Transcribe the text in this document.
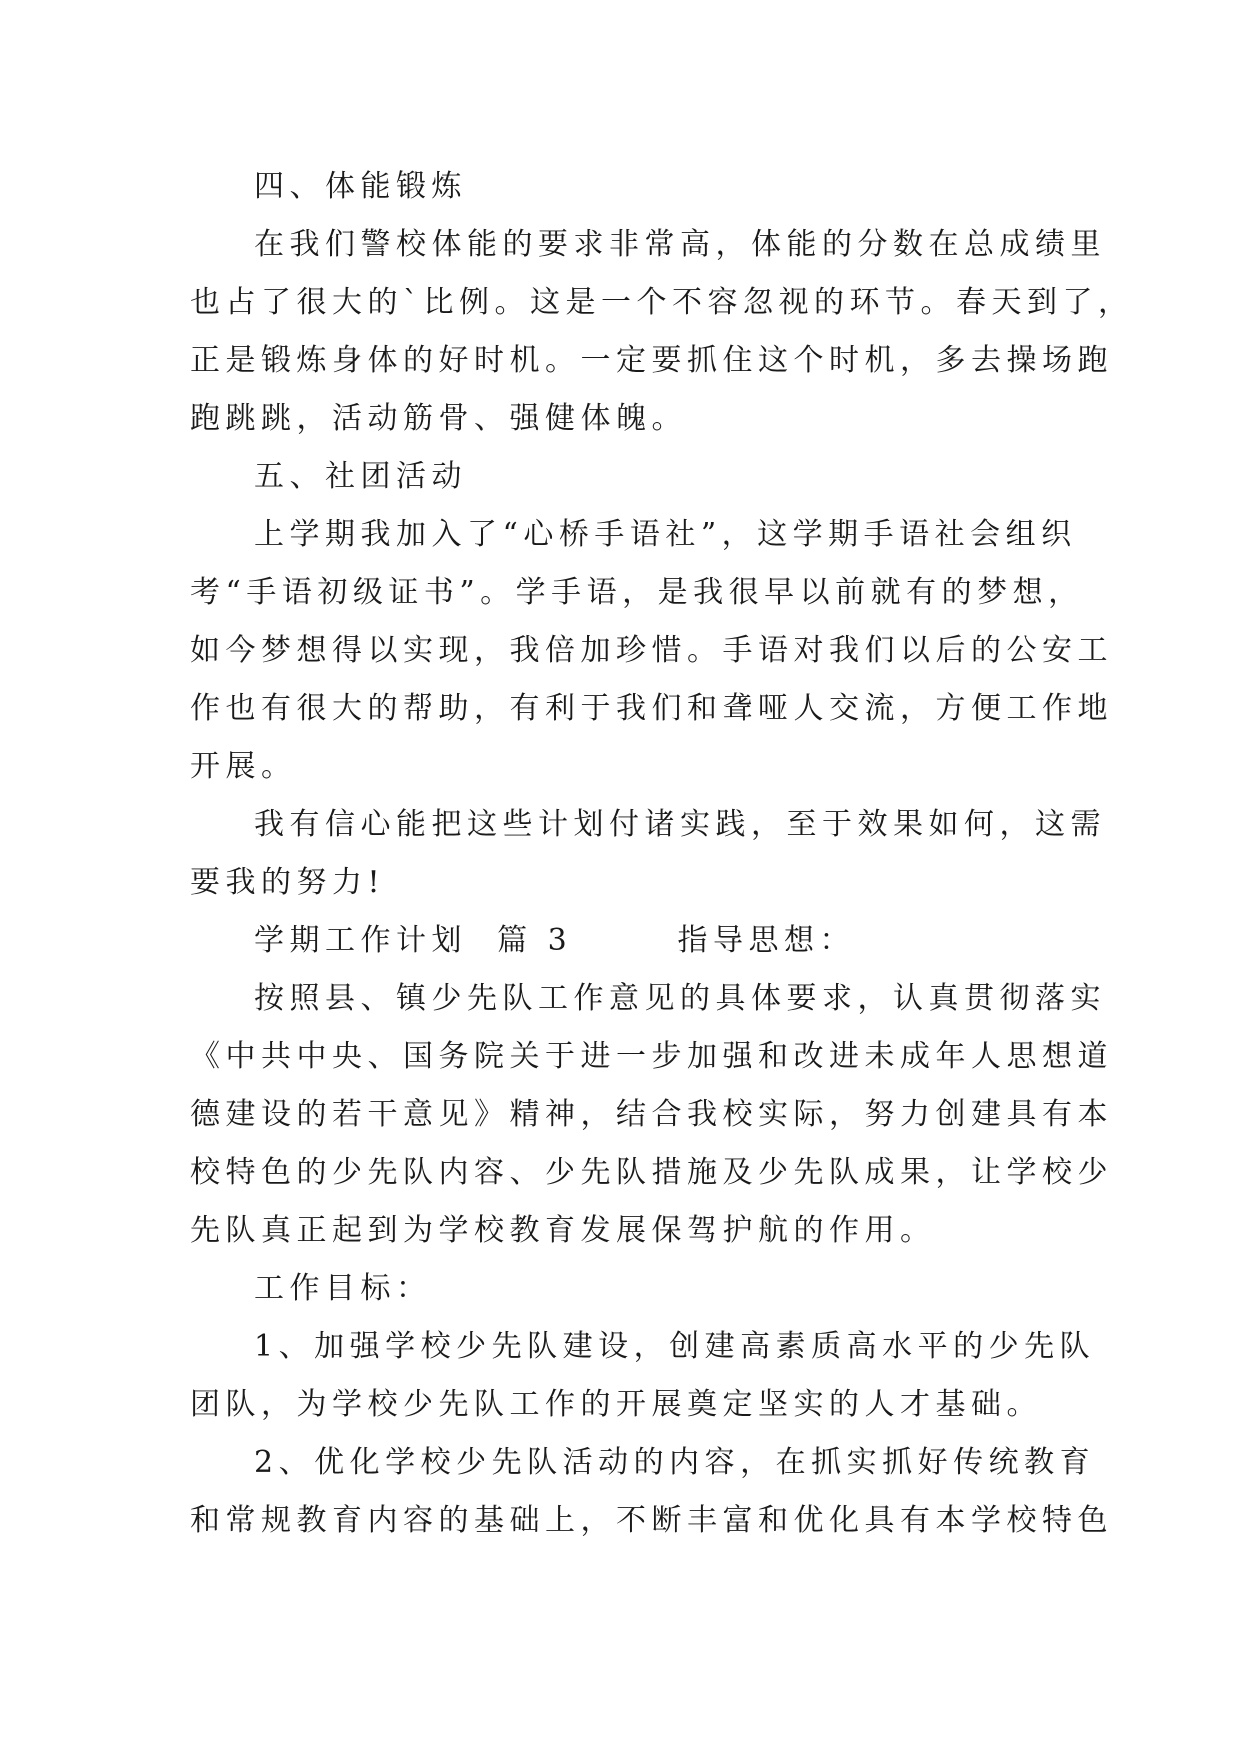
四、体能锻炼
在我们警校体能的要求非常高，体能的分数在总成绩里
也占了很大的`比例。这是一个不容忽视的环节。春天到了，
正是锻炼身体的好时机。一定要抓住这个时机，多去操场跑
跑跳跳，活动筋骨、强健体魄。
五、社团活动
上学期我加入了“心桥手语社”，这学期手语社会组织
考“手语初级证书”。学手语，是我很早以前就有的梦想，
如今梦想得以实现，我倍加珍惜。手语对我们以后的公安工
作也有很大的帮助，有利于我们和聋哑人交流，方便工作地
开展。
我有信心能把这些计划付诸实践，至于效果如何，这需
要我的努力!
学期工作计划  篇 3       指导思想：
按照县、镇少先队工作意见的具体要求，认真贯彻落实
《中共中央、国务院关于进一步加强和改进未成年人思想道
德建设的若干意见》精神，结合我校实际，努力创建具有本
校特色的少先队内容、少先队措施及少先队成果，让学校少
先队真正起到为学校教育发展保驾护航的作用。
工作目标：
1、加强学校少先队建设，创建高素质高水平的少先队
团队，为学校少先队工作的开展奠定坚实的人才基础。
2、优化学校少先队活动的内容，在抓实抓好传统教育
和常规教育内容的基础上，不断丰富和优化具有本学校特色
